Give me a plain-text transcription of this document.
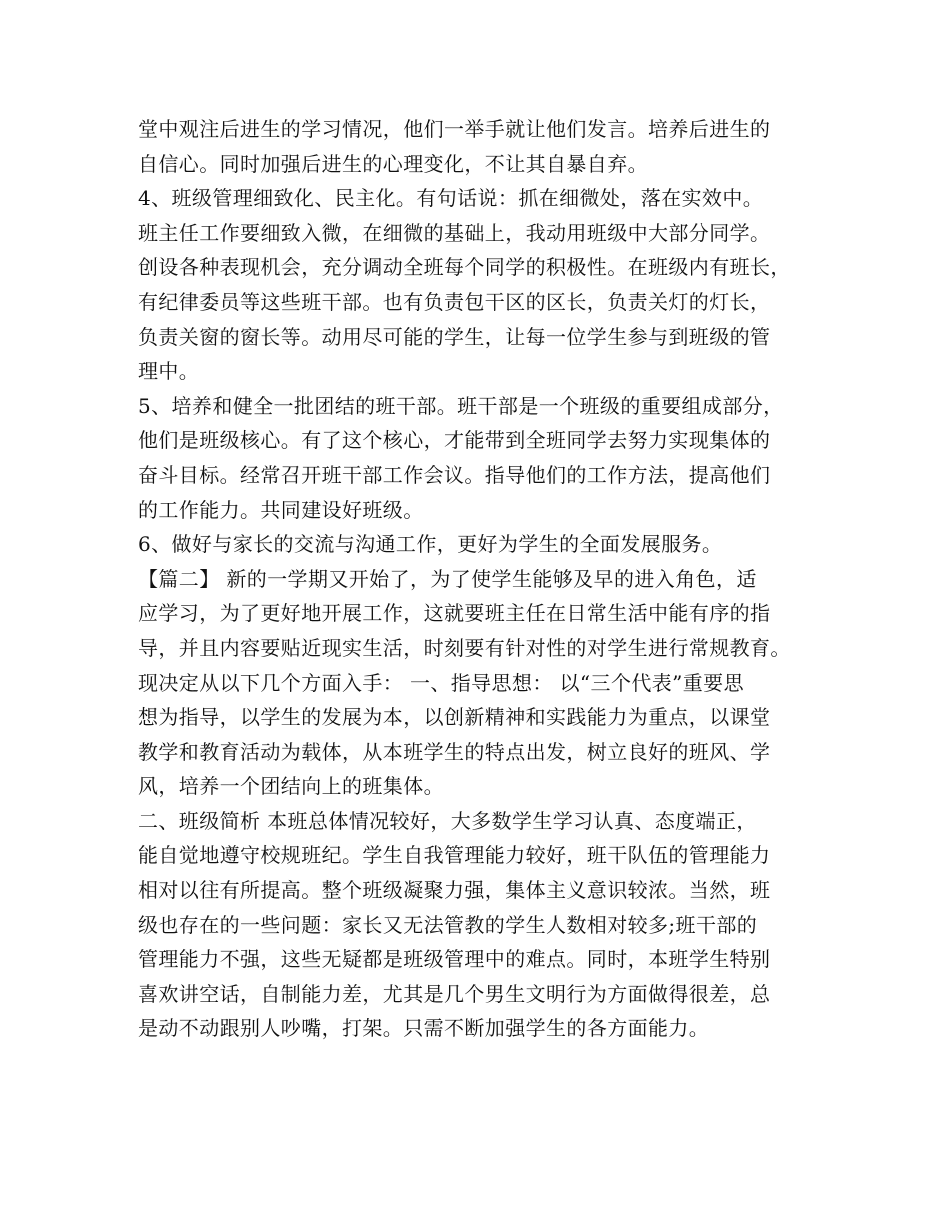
堂中观注后进生的学习情况，他们一举手就让他们发言。培养后进生的
自信心。同时加强后进生的心理变化，不让其自暴自弃。
4、班级管理细致化、民主化。有句话说：抓在细微处，落在实效中。
班主任工作要细致入微，在细微的基础上，我动用班级中大部分同学。
创设各种表现机会，充分调动全班每个同学的积极性。在班级内有班长，
有纪律委员等这些班干部。也有负责包干区的区长，负责关灯的灯长，
负责关窗的窗长等。动用尽可能的学生，让每一位学生参与到班级的管
理中。
5、培养和健全一批团结的班干部。班干部是一个班级的重要组成部分，
他们是班级核心。有了这个核心，才能带到全班同学去努力实现集体的
奋斗目标。经常召开班干部工作会议。指导他们的工作方法，提高他们
的工作能力。共同建设好班级。
6、做好与家长的交流与沟通工作，更好为学生的全面发展服务。
【篇二】 新的一学期又开始了，为了使学生能够及早的进入角色，适
应学习，为了更好地开展工作，这就要班主任在日常生活中能有序的指
导，并且内容要贴近现实生活，时刻要有针对性的对学生进行常规教育。
现决定从以下几个方面入手： 一、指导思想： 以“三个代表”重要思
想为指导，以学生的发展为本，以创新精神和实践能力为重点，以课堂
教学和教育活动为载体，从本班学生的特点出发，树立良好的班风、学
风，培养一个团结向上的班集体。
二、班级简析 本班总体情况较好，大多数学生学习认真、态度端正，
能自觉地遵守校规班纪。学生自我管理能力较好，班干队伍的管理能力
相对以往有所提高。整个班级凝聚力强，集体主义意识较浓。当然，班
级也存在的一些问题：家长又无法管教的学生人数相对较多;班干部的
管理能力不强，这些无疑都是班级管理中的难点。同时，本班学生特别
喜欢讲空话，自制能力差，尤其是几个男生文明行为方面做得很差，总
是动不动跟别人吵嘴，打架。只需不断加强学生的各方面能力。
